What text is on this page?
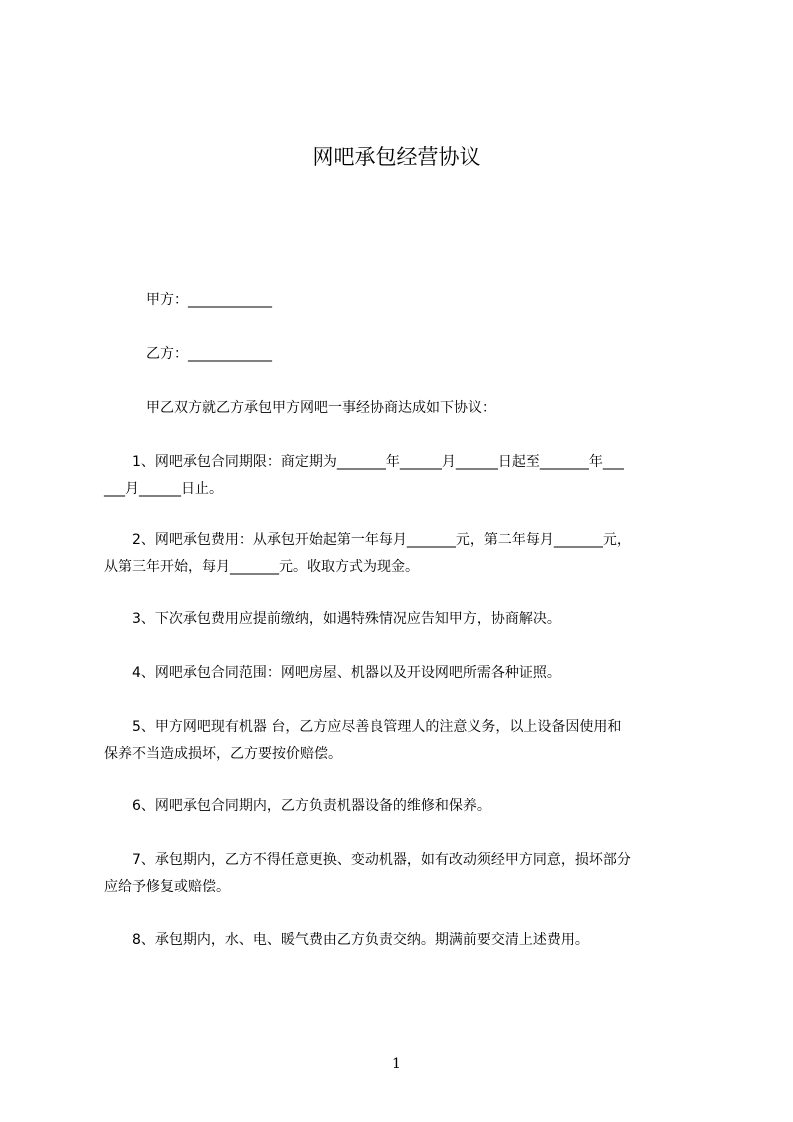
网吧承包经营协议
　　　甲方：____________
　　　乙方：____________
　　　甲乙双方就乙方承包甲方网吧一事经协商达成如下协议：
　　1、网吧承包合同期限：商定期为_______年______月______日起至_______年___
___月______日止。
　　2、网吧承包费用：从承包开始起第一年每月_______元，第二年每月_______元，
从第三年开始，每月_______元。收取方式为现金。
　　3、下次承包费用应提前缴纳，如遇特殊情况应告知甲方，协商解决。
　　4、网吧承包合同范围：网吧房屋、机器以及开设网吧所需各种证照。
　　5、甲方网吧现有机器 台，乙方应尽善良管理人的注意义务，以上设备因使用和
保养不当造成损坏，乙方要按价赔偿。
　　6、网吧承包合同期内，乙方负责机器设备的维修和保养。
　　7、承包期内，乙方不得任意更换、变动机器，如有改动须经甲方同意，损坏部分
应给予修复或赔偿。
　　8、承包期内，水、电、暖气费由乙方负责交纳。期满前要交清上述费用。
1
